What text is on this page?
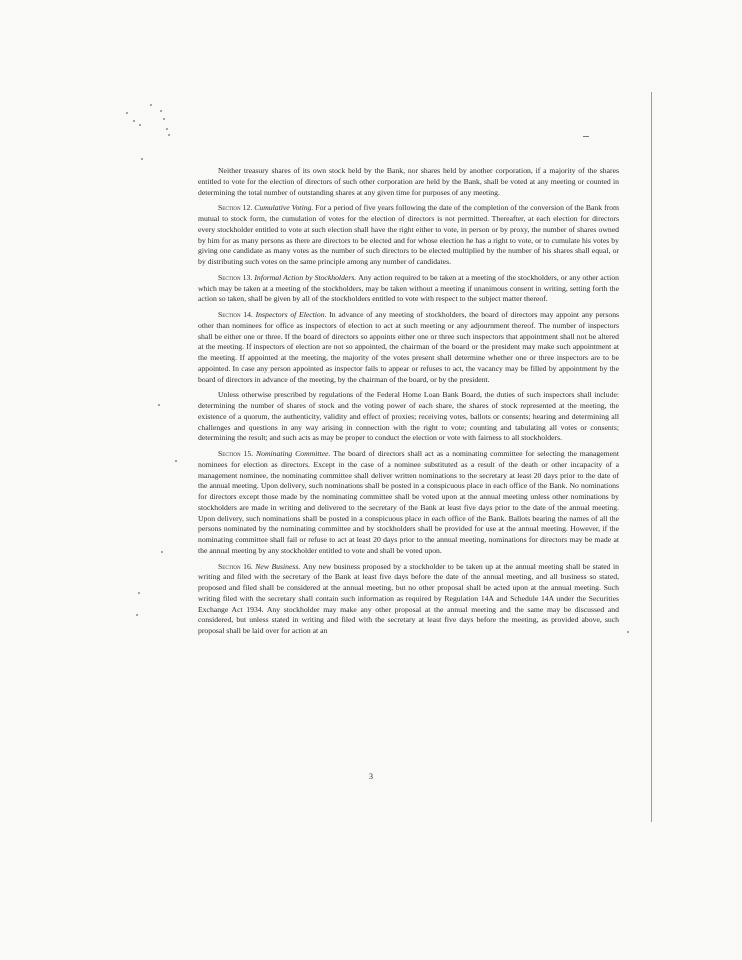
Neither treasury shares of its own stock held by the Bank, nor shares held by another corporation, if a majority of the shares entitled to vote for the election of directors of such other corporation are held by the Bank, shall be voted at any meeting or counted in determining the total number of outstanding shares at any given time for purposes of any meeting.

Section 12. Cumulative Voting. For a period of five years following the date of the completion of the conversion of the Bank from mutual to stock form, the cumulation of votes for the election of directors is not permitted. Thereafter, at each election for directors every stockholder entitled to vote at such election shall have the right either to vote, in person or by proxy, the number of shares owned by him for as many persons as there are directors to be elected and for whose election he has a right to vote, or to cumulate his votes by giving one candidate as many votes as the number of such directors to be elected multiplied by the number of his shares shall equal, or by distributing such votes on the same principle among any number of candidates.

Section 13. Informal Action by Stockholders. Any action required to be taken at a meeting of the stockholders, or any other action which may be taken at a meeting of the stockholders, may be taken without a meeting if unanimous consent in writing, setting forth the action so taken, shall be given by all of the stockholders entitled to vote with respect to the subject matter thereof.

Section 14. Inspectors of Election. In advance of any meeting of stockholders, the board of directors may appoint any persons other than nominees for office as inspectors of election to act at such meeting or any adjournment thereof. The number of inspectors shall be either one or three. If the board of directors so appoints either one or three such inspectors that appointment shall not be altered at the meeting. If inspectors of election are not so appointed, the chairman of the board or the president may make such appointment at the meeting. If appointed at the meeting, the majority of the votes present shall determine whether one or three inspectors are to be appointed. In case any person appointed as inspector fails to appear or refuses to act, the vacancy may be filled by appointment by the board of directors in advance of the meeting, by the chairman of the board, or by the president.

Unless otherwise prescribed by regulations of the Federal Home Loan Bank Board, the duties of such inspectors shall include: determining the number of shares of stock and the voting power of each share, the shares of stock represented at the meeting, the existence of a quorum, the authenticity, validity and effect of proxies; receiving votes, ballots or consents; hearing and determining all challenges and questions in any way arising in connection with the right to vote; counting and tabulating all votes or consents; determining the result; and such acts as may be proper to conduct the election or vote with fairness to all stockholders.

Section 15. Nominating Committee. The board of directors shall act as a nominating committee for selecting the management nominees for election as directors. Except in the case of a nominee substituted as a result of the death or other incapacity of a management nominee, the nominating committee shall deliver written nominations to the secretary at least 20 days prior to the date of the annual meeting. Upon delivery, such nominations shall be posted in a conspicuous place in each office of the Bank. No nominations for directors except those made by the nominating committee shall be voted upon at the annual meeting unless other nominations by stockholders are made in writing and delivered to the secretary of the Bank at least five days prior to the date of the annual meeting. Upon delivery, such nominations shall be posted in a conspicuous place in each office of the Bank. Ballots bearing the names of all the persons nominated by the nominating committee and by stockholders shall be provided for use at the annual meeting. However, if the nominating committee shall fail or refuse to act at least 20 days prior to the annual meeting, nominations for directors may be made at the annual meeting by any stockholder entitled to vote and shall be voted upon.

Section 16. New Business. Any new business proposed by a stockholder to be taken up at the annual meeting shall be stated in writing and filed with the secretary of the Bank at least five days before the date of the annual meeting, and all business so stated, proposed and filed shall be considered at the annual meeting, but no other proposal shall be acted upon at the annual meeting. Such writing filed with the secretary shall contain such information as required by Regulation 14A and Schedule 14A under the Securities Exchange Act 1934. Any stockholder may make any other proposal at the annual meeting and the same may be discussed and considered, but unless stated in writing and filed with the secretary at least five days before the meeting, as provided above, such proposal shall be laid over for action at an

3
